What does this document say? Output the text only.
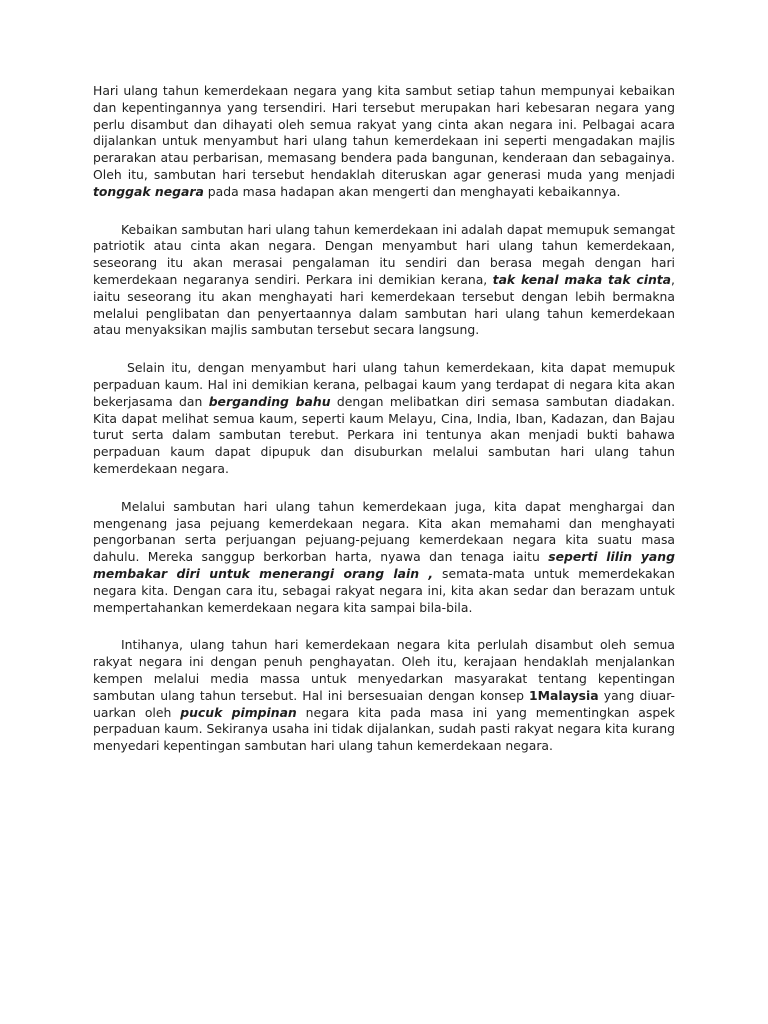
Hari ulang tahun kemerdekaan negara yang kita sambut setiap tahun mempunyai kebaikan dan kepentingannya yang tersendiri. Hari tersebut merupakan hari kebesaran negara yang perlu disambut dan dihayati oleh semua rakyat yang cinta akan negara ini. Pelbagai acara dijalankan untuk menyambut hari ulang tahun kemerdekaan ini seperti mengadakan majlis perarakan atau perbarisan, memasang bendera pada bangunan, kenderaan dan sebagainya. Oleh itu, sambutan hari tersebut hendaklah diteruskan agar generasi muda yang menjadi tonggak negara pada masa hadapan akan mengerti dan menghayati kebaikannya.

Kebaikan sambutan hari ulang tahun kemerdekaan ini adalah dapat memupuk semangat patriotik atau cinta akan negara. Dengan menyambut hari ulang tahun kemerdekaan, seseorang itu akan merasai pengalaman itu sendiri dan berasa megah dengan hari kemerdekaan negaranya sendiri. Perkara ini demikian kerana, tak kenal maka tak cinta, iaitu seseorang itu akan menghayati hari kemerdekaan tersebut dengan lebih bermakna melalui penglibatan dan penyertaannya dalam sambutan hari ulang tahun kemerdekaan atau menyaksikan majlis sambutan tersebut secara langsung.

Selain itu, dengan menyambut hari ulang tahun kemerdekaan, kita dapat memupuk perpaduan kaum. Hal ini demikian kerana, pelbagai kaum yang terdapat di negara kita akan bekerjasama dan berganding bahu dengan melibatkan diri semasa sambutan diadakan. Kita dapat melihat semua kaum, seperti kaum Melayu, Cina, India, Iban, Kadazan, dan Bajau turut serta dalam sambutan terebut. Perkara ini tentunya akan menjadi bukti bahawa perpaduan kaum dapat dipupuk dan disuburkan melalui sambutan hari ulang tahun kemerdekaan negara.

Melalui sambutan hari ulang tahun kemerdekaan juga, kita dapat menghargai dan mengenang jasa pejuang kemerdekaan negara. Kita akan memahami dan menghayati pengorbanan serta perjuangan pejuang-pejuang kemerdekaan negara kita suatu masa dahulu. Mereka sanggup berkorban harta, nyawa dan tenaga iaitu seperti lilin yang membakar diri untuk menerangi orang lain , semata-mata untuk memerdekakan negara kita. Dengan cara itu, sebagai rakyat negara ini, kita akan sedar dan berazam untuk mempertahankan kemerdekaan negara kita sampai bila-bila.

Intihanya, ulang tahun hari kemerdekaan negara kita perlulah disambut oleh semua rakyat negara ini dengan penuh penghayatan. Oleh itu, kerajaan hendaklah menjalankan kempen melalui media massa untuk menyedarkan masyarakat tentang kepentingan sambutan ulang tahun tersebut. Hal ini bersesuaian dengan konsep 1Malaysia yang diuar-uarkan oleh pucuk pimpinan negara kita pada masa ini yang mementingkan aspek perpaduan kaum. Sekiranya usaha ini tidak dijalankan, sudah pasti rakyat negara kita kurang menyedari kepentingan sambutan hari ulang tahun kemerdekaan negara.
